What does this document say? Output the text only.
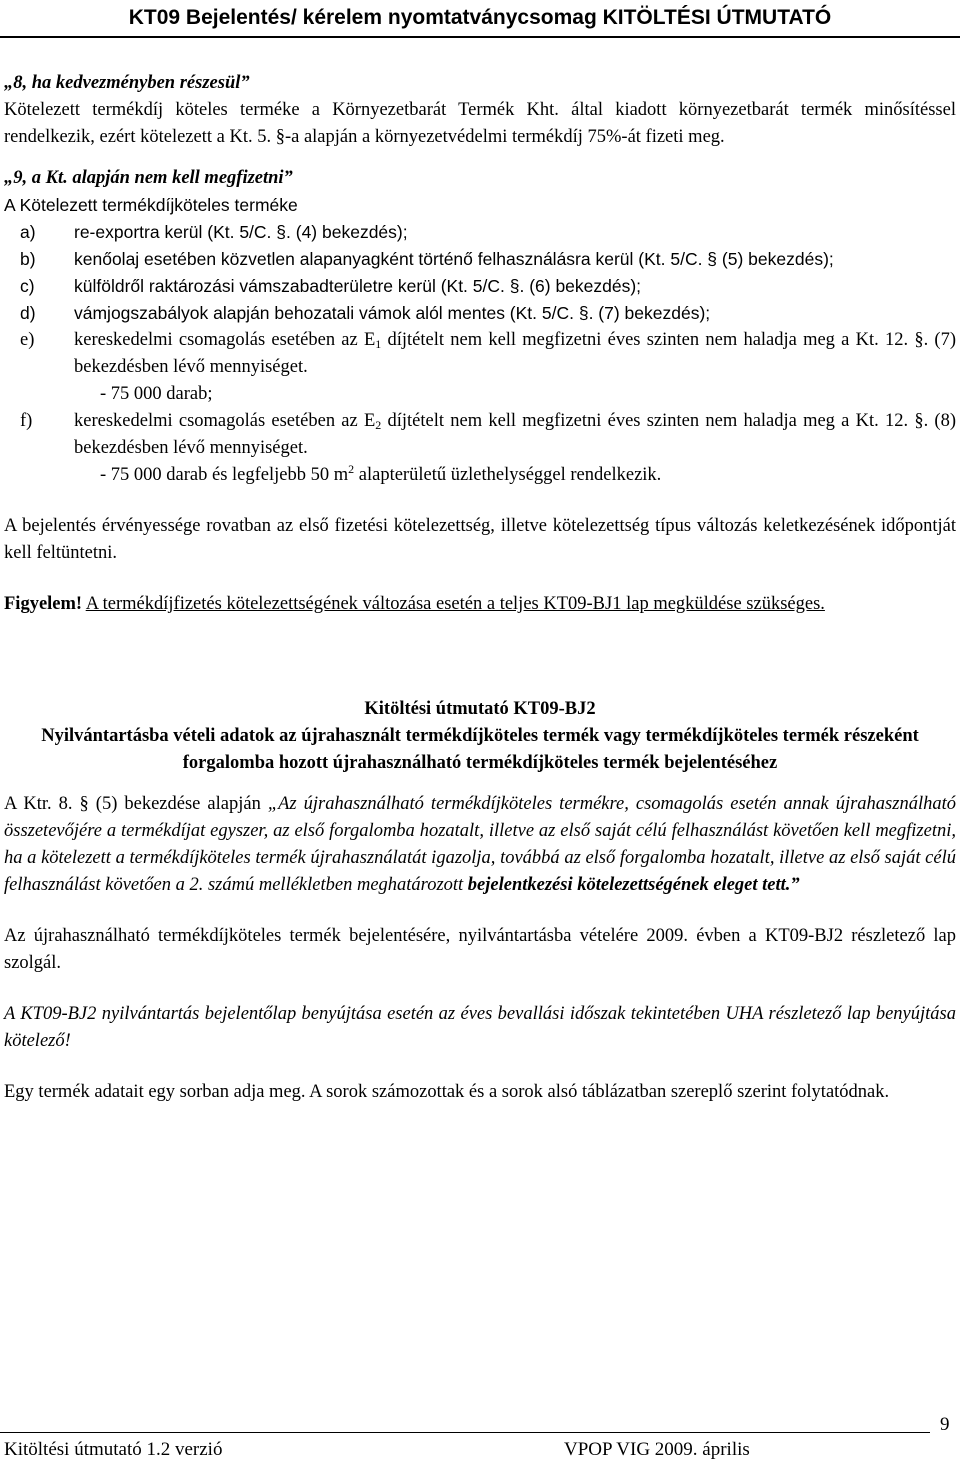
KT09 Bejelentés/ kérelem nyomtatványcsomag KITÖLTÉSI ÚTMUTATÓ

„8, ha kedvezményben részesül”

Kötelezett termékdíj köteles terméke a Környezetbarát Termék Kht. által kiadott környezetbarát termék minősítéssel rendelkezik, ezért kötelezett a Kt. 5. §-a alapján a környezetvédelmi termékdíj 75%-át fizeti meg.

„9, a Kt. alapján nem kell megfizetni”

A Kötelezett termékdíjköteles terméke

a)	re-exportra kerül (Kt. 5/C. §. (4) bekezdés);
b)	kenőolaj esetében közvetlen alapanyagként történő felhasználásra kerül (Kt. 5/C. § (5) bekezdés);
c)	külföldről raktározási vámszabadterületre kerül (Kt. 5/C. §. (6) bekezdés);
d)	vámjogszabályok alapján behozatali vámok alól mentes (Kt. 5/C. §. (7) bekezdés);
e)	kereskedelmi csomagolás esetében az $E_1$ díjtételt nem kell megfizetni éves szinten nem haladja meg a Kt. 12. §. (7) bekezdésben lévő mennyiséget.

- 75 000 darab;

f)	kereskedelmi csomagolás esetében az $E_2$ díjtételt nem kell megfizetni éves szinten nem haladja meg a Kt. 12. §. (8) bekezdésben lévő mennyiséget.

- 75 000 darab és legfeljebb 50 $m^2$ alapterületű üzlethelységgel rendelkezik.

A bejelentés érvényessége rovatban az első fizetési kötelezettség, illetve kötelezettség típus változás keletkezésének időpontját kell feltüntetni.

Figyelem! A termékdíjfizetés kötelezettségének változása esetén a teljes KT09-BJ1 lap megküldése szükséges.

Kitöltési útmutató KT09-BJ2

Nyilvántartásba vételi adatok az újrahasznált termékdíjköteles termék vagy termékdíjköteles termék részeként forgalomba hozott újrahasználható termékdíjköteles termék bejelentéséhez

A Ktr. 8. § (5) bekezdése alapján „Az újrahasználható termékdíjköteles termékre, csomagolás esetén annak újrahasználható összetevőjére a termékdíjat egyszer, az első forgalomba hozatalt, illetve az első saját célú felhasználást követően kell megfizetni, ha a kötelezett a termékdíjköteles termék újrahasználatát igazolja, továbbá az első forgalomba hozatalt, illetve az első saját célú felhasználást követően a 2. számú mellékletben meghatározott bejelentkezési kötelezettségének eleget tett.”

Az újrahasználható termékdíjköteles termék bejelentésére, nyilvántartásba vételére 2009. évben a KT09-BJ2 részletező lap szolgál.

A KT09-BJ2 nyilvántartás bejelentőlap benyújtása esetén az éves bevallási időszak tekintetében UHA részletező lap benyújtása kötelező!

Egy termék adatait egy sorban adja meg. A sorok számozottak és a sorok alsó táblázatban szereplő szerint folytatódnak.

Kitöltési útmutató 1.2 verzió	VPOP VIG 2009. április
9
